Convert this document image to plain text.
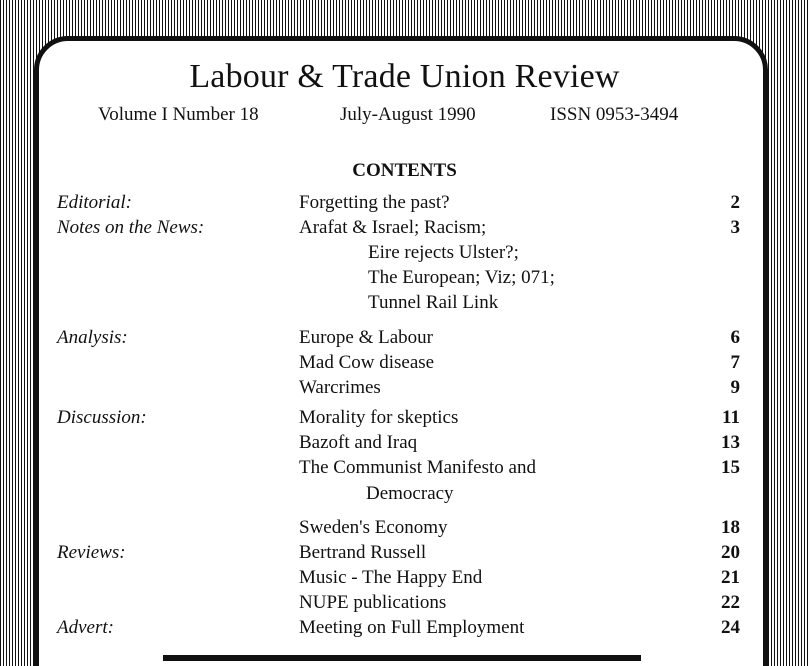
Labour & Trade Union Review
Volume I Number 18	July-August 1990	ISSN 0953-3494
CONTENTS
Editorial:	Forgetting the past?	2
Notes on the News:	Arafat & Israel; Racism;	3
Eire rejects Ulster?;
The European; Viz; 071;
Tunnel Rail Link
Analysis:	Europe & Labour	6
Mad Cow disease	7
Warcrimes	9
Discussion:	Morality for skeptics	11
Bazoft and Iraq	13
The Communist Manifesto and	15
Democracy
Sweden's Economy	18
Reviews:	Bertrand Russell	20
Music - The Happy End	21
NUPE publications	22
Advert:	Meeting on Full Employment	24
